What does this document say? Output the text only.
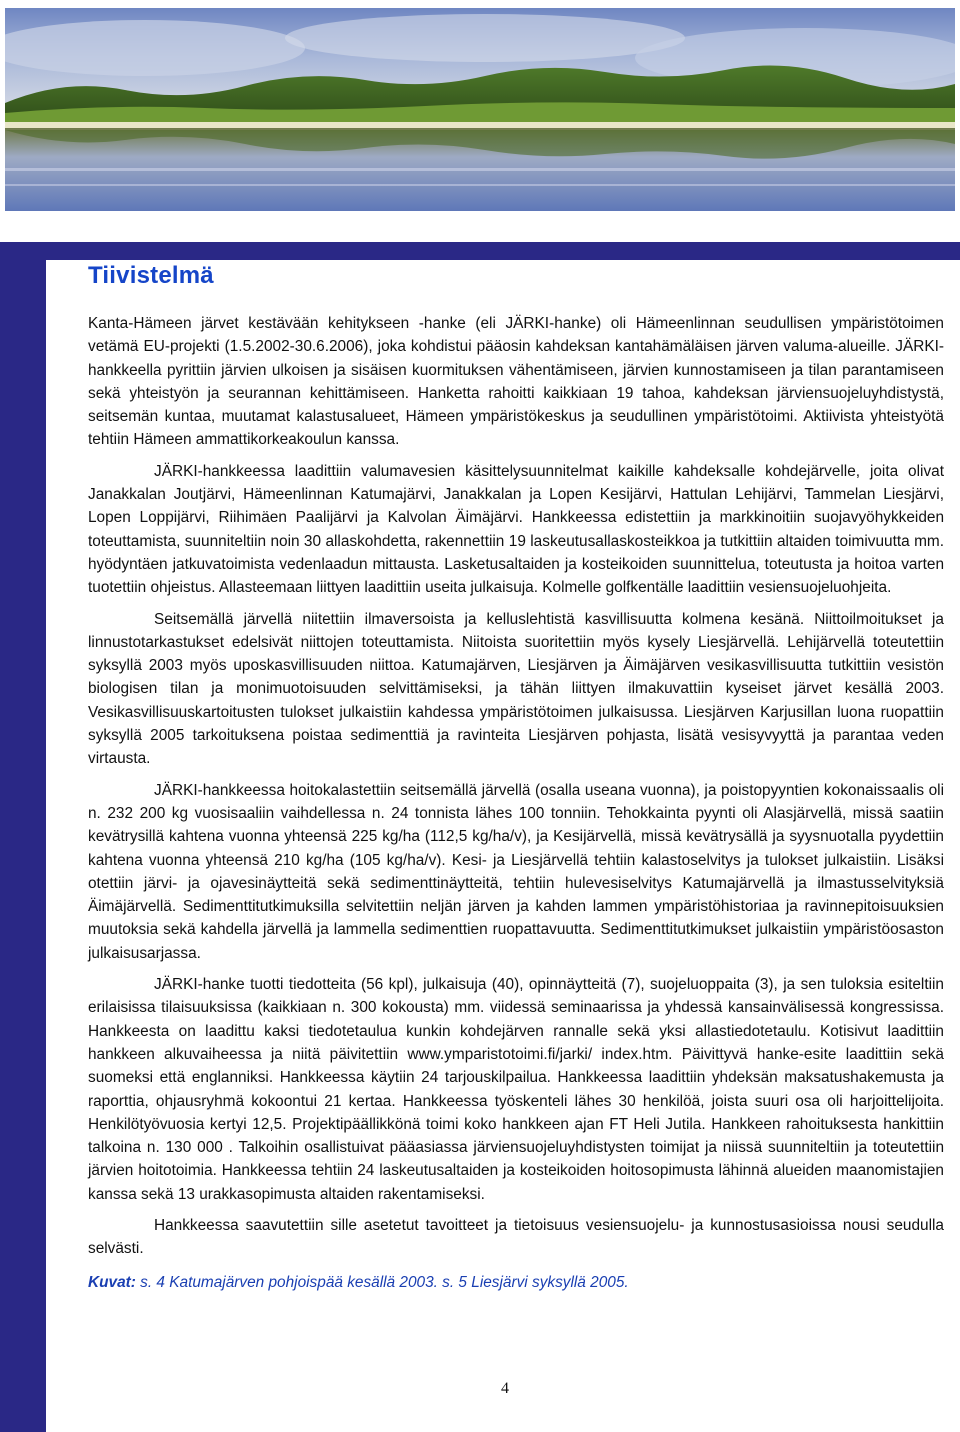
Tiivistelmä

Kanta-Hämeen järvet kestävään kehitykseen -hanke (eli JÄRKI-hanke) oli Hämeenlinnan seudullisen ympäristötoimen vetämä EU-projekti (1.5.2002-30.6.2006), joka kohdistui pääosin kahdeksan kantahämäläisen järven valuma-alueille. JÄRKI-hankkeella pyrittiin järvien ulkoisen ja sisäisen kuormituksen vähentämiseen, järvien kunnostamiseen ja tilan parantamiseen sekä yhteistyön ja seurannan kehittämiseen. Hanketta rahoitti kaikkiaan 19 tahoa, kahdeksan järviensuojeluyhdistystä, seitsemän kuntaa, muutamat kalastusalueet, Hämeen ympäristökeskus ja seudullinen ympäristötoimi. Aktiivista yhteistyötä tehtiin Hämeen ammattikorkeakoulun kanssa.

JÄRKI-hankkeessa laadittiin valumavesien käsittelysuunnitelmat kaikille kahdeksalle kohdejärvelle, joita olivat Janakkalan Joutjärvi, Hämeenlinnan Katumajärvi, Janakkalan ja Lopen Kesijärvi, Hattulan Lehijärvi, Tammelan Liesjärvi, Lopen Loppijärvi, Riihimäen Paalijärvi ja Kalvolan Äimäjärvi. Hankkeessa edistettiin ja markkinoitiin suojavyöhykkeiden toteuttamista, suunniteltiin noin 30 allaskohdetta, rakennettiin 19 laskeutusallaskosteikkoa ja tutkittiin altaiden toimivuutta mm. hyödyntäen jatkuvatoimista vedenlaadun mittausta. Lasketusaltaiden ja kosteikoiden suunnittelua, toteutusta ja hoitoa varten tuotettiin ohjeistus. Allasteemaan liittyen laadittiin useita julkaisuja. Kolmelle golfkentälle laadittiin vesiensuojeluohjeita.

Seitsemällä järvellä niitettiin ilmaversoista ja kelluslehtistä kasvillisuutta kolmena kesänä. Niittoilmoitukset ja linnustotarkastukset edelsivät niittojen toteuttamista. Niitoista suoritettiin myös kysely Liesjärvellä. Lehijärvellä toteutettiin syksyllä 2003 myös uposkasvillisuuden niittoa. Katumajärven, Liesjärven ja Äimäjärven vesikasvillisuutta tutkittiin vesistön biologisen tilan ja monimuotoisuuden selvittämiseksi, ja tähän liittyen ilmakuvattiin kyseiset järvet kesällä 2003. Vesikasvillisuuskartoitusten tulokset julkaistiin kahdessa ympäristötoimen julkaisussa. Liesjärven Karjusillan luona ruopattiin syksyllä 2005 tarkoituksena poistaa sedimenttiä ja ravinteita Liesjärven pohjasta, lisätä vesisyvyyttä ja parantaa veden virtausta.

JÄRKI-hankkeessa hoitokalastettiin seitsemällä järvellä (osalla useana vuonna), ja poistopyyntien kokonaissaalis oli n. 232 200 kg vuosisaaliin vaihdellessa n. 24 tonnista lähes 100 tonniin. Tehokkainta pyynti oli Alasjärvellä, missä saatiin kevätrysillä kahtena vuonna yhteensä 225 kg/ha (112,5 kg/ha/v), ja Kesijärvellä, missä kevätrysällä ja syysnuotalla pyydettiin kahtena vuonna yhteensä 210 kg/ha (105 kg/ha/v). Kesi- ja Liesjärvellä tehtiin kalastoselvitys ja tulokset julkaistiin. Lisäksi otettiin järvi- ja ojavesinäytteitä sekä sedimenttinäytteitä, tehtiin hulevesiselvitys Katumajärvellä ja ilmastusselvityksiä Äimäjärvellä. Sedimenttitutkimuksilla selvitettiin neljän järven ja kahden lammen ympäristöhistoriaa ja ravinnepitoisuuksien muutoksia sekä kahdella järvellä ja lammella sedimenttien ruopattavuutta. Sedimenttitutkimukset julkaistiin ympäristöosaston julkaisusarjassa.

JÄRKI-hanke tuotti tiedotteita (56 kpl), julkaisuja (40), opinnäytteitä (7), suojeluoppaita (3), ja sen tuloksia esiteltiin erilaisissa tilaisuuksissa (kaikkiaan n. 300 kokousta) mm. viidessä seminaarissa ja yhdessä kansainvälisessä kongressissa. Hankkeesta on laadittu kaksi tiedotetaulua kunkin kohdejärven rannalle sekä yksi allastiedotetaulu. Kotisivut laadittiin hankkeen alkuvaiheessa ja niitä päivitettiin www.ymparistotoimi.fi/jarki/ index.htm. Päivittyvä hanke-esite laadittiin sekä suomeksi että englanniksi. Hankkeessa käytiin 24 tarjouskilpailua. Hankkeessa laadittiin yhdeksän maksatushakemusta ja raporttia, ohjausryhmä kokoontui 21 kertaa. Hankkeessa työskenteli lähes 30 henkilöä, joista suuri osa oli harjoittelijoita. Henkilötyövuosia kertyi 12,5. Projektipäällikkönä toimi koko hankkeen ajan FT Heli Jutila. Hankkeen rahoituksesta hankittiin talkoina n. 130 000 . Talkoihin osallistuivat pääasiassa järviensuojeluyhdistysten toimijat ja niissä suunniteltiin ja toteutettiin järvien hoitotoimia. Hankkeessa tehtiin 24 laskeutusaltaiden ja kosteikoiden hoitosopimusta lähinnä alueiden maanomistajien kanssa sekä 13 urakkasopimusta altaiden rakentamiseksi.

Hankkeessa saavutettiin sille asetetut tavoitteet ja tietoisuus vesiensuojelu- ja kunnostusasioissa nousi seudulla selvästi.

Kuvat: s. 4 Katumajärven pohjoispää kesällä 2003. s. 5 Liesjärvi syksyllä 2005.
4
